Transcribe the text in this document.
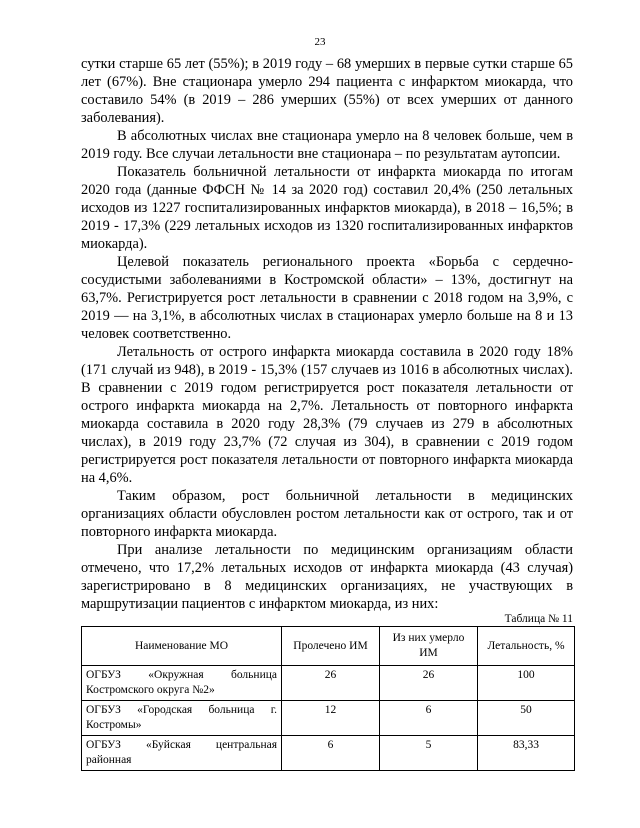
23

сутки старше 65 лет (55%); в 2019 году – 68 умерших в первые сутки старше 65 лет (67%). Вне стационара умерло 294 пациента с инфарктом миокарда, что составило 54% (в 2019 – 286 умерших (55%) от всех умерших от данного заболевания).

В абсолютных числах вне стационара умерло на 8 человек больше, чем в 2019 году. Все случаи летальности вне стационара – по результатам аутопсии.

Показатель больничной летальности от инфаркта миокарда по итогам 2020 года (данные ФФСН № 14 за 2020 год) составил 20,4% (250 летальных исходов из 1227 госпитализированных инфарктов миокарда), в 2018 – 16,5%; в 2019 - 17,3% (229 летальных исходов из 1320 госпитализированных инфарктов миокарда).

Целевой показатель регионального проекта «Борьба с сердечно-сосудистыми заболеваниями в Костромской области» – 13%, достигнут на 63,7%. Регистрируется рост летальности в сравнении с 2018 годом на 3,9%, с 2019 — на 3,1%, в абсолютных числах в стационарах умерло больше на 8 и 13 человек соответственно.

Летальность от острого инфаркта миокарда составила в 2020 году 18% (171 случай из 948), в 2019 - 15,3% (157 случаев из 1016 в абсолютных числах). В сравнении с 2019 годом регистрируется рост показателя летальности от острого инфаркта миокарда на 2,7%. Летальность от повторного инфаркта миокарда составила в 2020 году 28,3% (79 случаев из 279 в абсолютных числах), в 2019 году 23,7% (72 случая из 304), в сравнении с 2019 годом регистрируется рост показателя летальности от повторного инфаркта миокарда на 4,6%.

Таким образом, рост больничной летальности в медицинских организациях области обусловлен ростом летальности как от острого, так и от повторного инфаркта миокарда.

При анализе летальности по медицинским организациям области отмечено, что 17,2% летальных исходов от инфаркта миокарда (43 случая) зарегистрировано в 8 медицинских организациях, не участвующих в маршрутизации пациентов с инфарктом миокарда, из них:

Таблица № 11
Наименование МО	Пролечено ИМ	Из них умерло ИМ	Летальность, %
ОГБУЗ «Окружная больница Костромского округа №2»	26	26	100
ОГБУЗ «Городская больница г. Костромы»	12	6	50
ОГБУЗ «Буйская центральная районная	6	5	83,33
